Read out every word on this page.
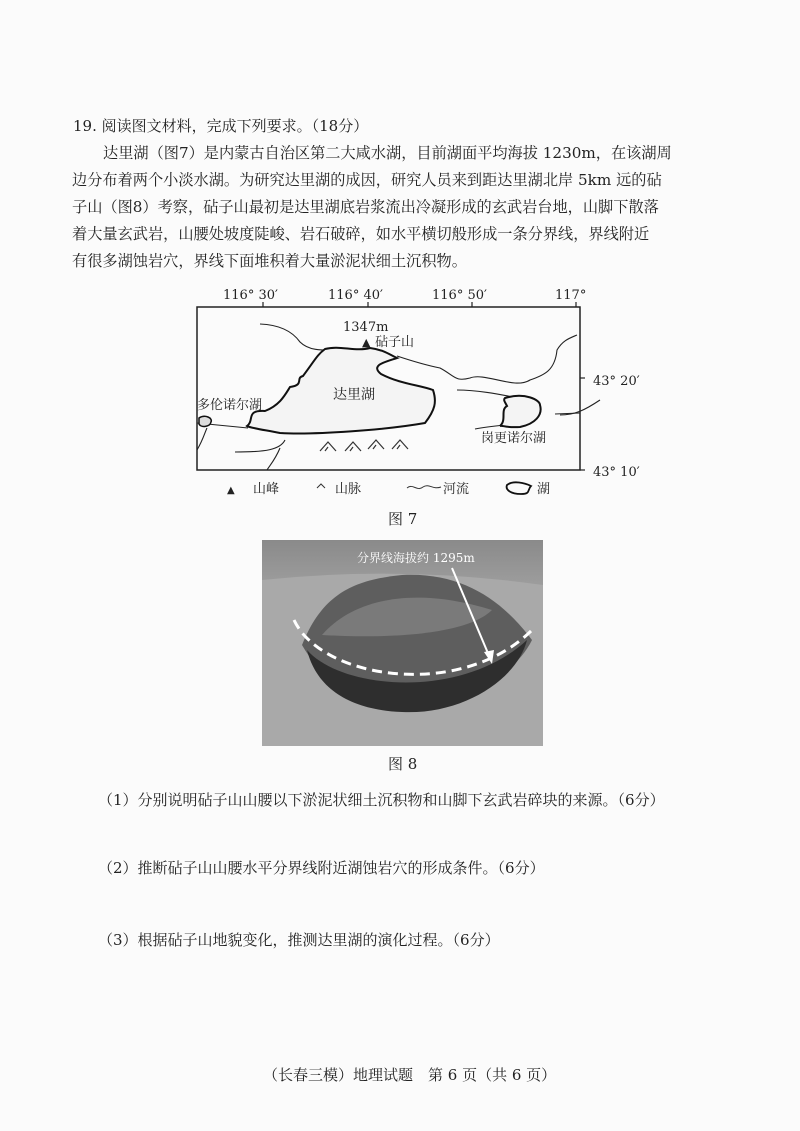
19. 阅读图文材料，完成下列要求。（18分）
达里湖（图7）是内蒙古自治区第二大咸水湖，目前湖面平均海拔 1230m，在该湖周
边分布着两个小淡水湖。为研究达里湖的成因，研究人员来到距达里湖北岸 5km 远的砧
子山（图8）考察，砧子山最初是达里湖底岩浆流出冷凝形成的玄武岩台地，山脚下散落
着大量玄武岩，山腰处坡度陡峻、岩石破碎，如水平横切般形成一条分界线，界线附近
有很多湖蚀岩穴，界线下面堆积着大量淤泥状细土沉积物。
116° 30′	116° 40′	116° 50′	117°
43° 20′
43° 10′
1347m
▲ 砧子山
达里湖
多伦诺尔湖
岗更诺尔湖
▲ 山峰	山脉	河流	湖
图 7
分界线海拔约 1295m
图 8
（1）分别说明砧子山山腰以下淤泥状细土沉积物和山脚下玄武岩碎块的来源。（6分）
（2）推断砧子山山腰水平分界线附近湖蚀岩穴的形成条件。（6分）
（3）根据砧子山地貌变化，推测达里湖的演化过程。（6分）
（长春三模）地理试题　第 6 页（共 6 页）
